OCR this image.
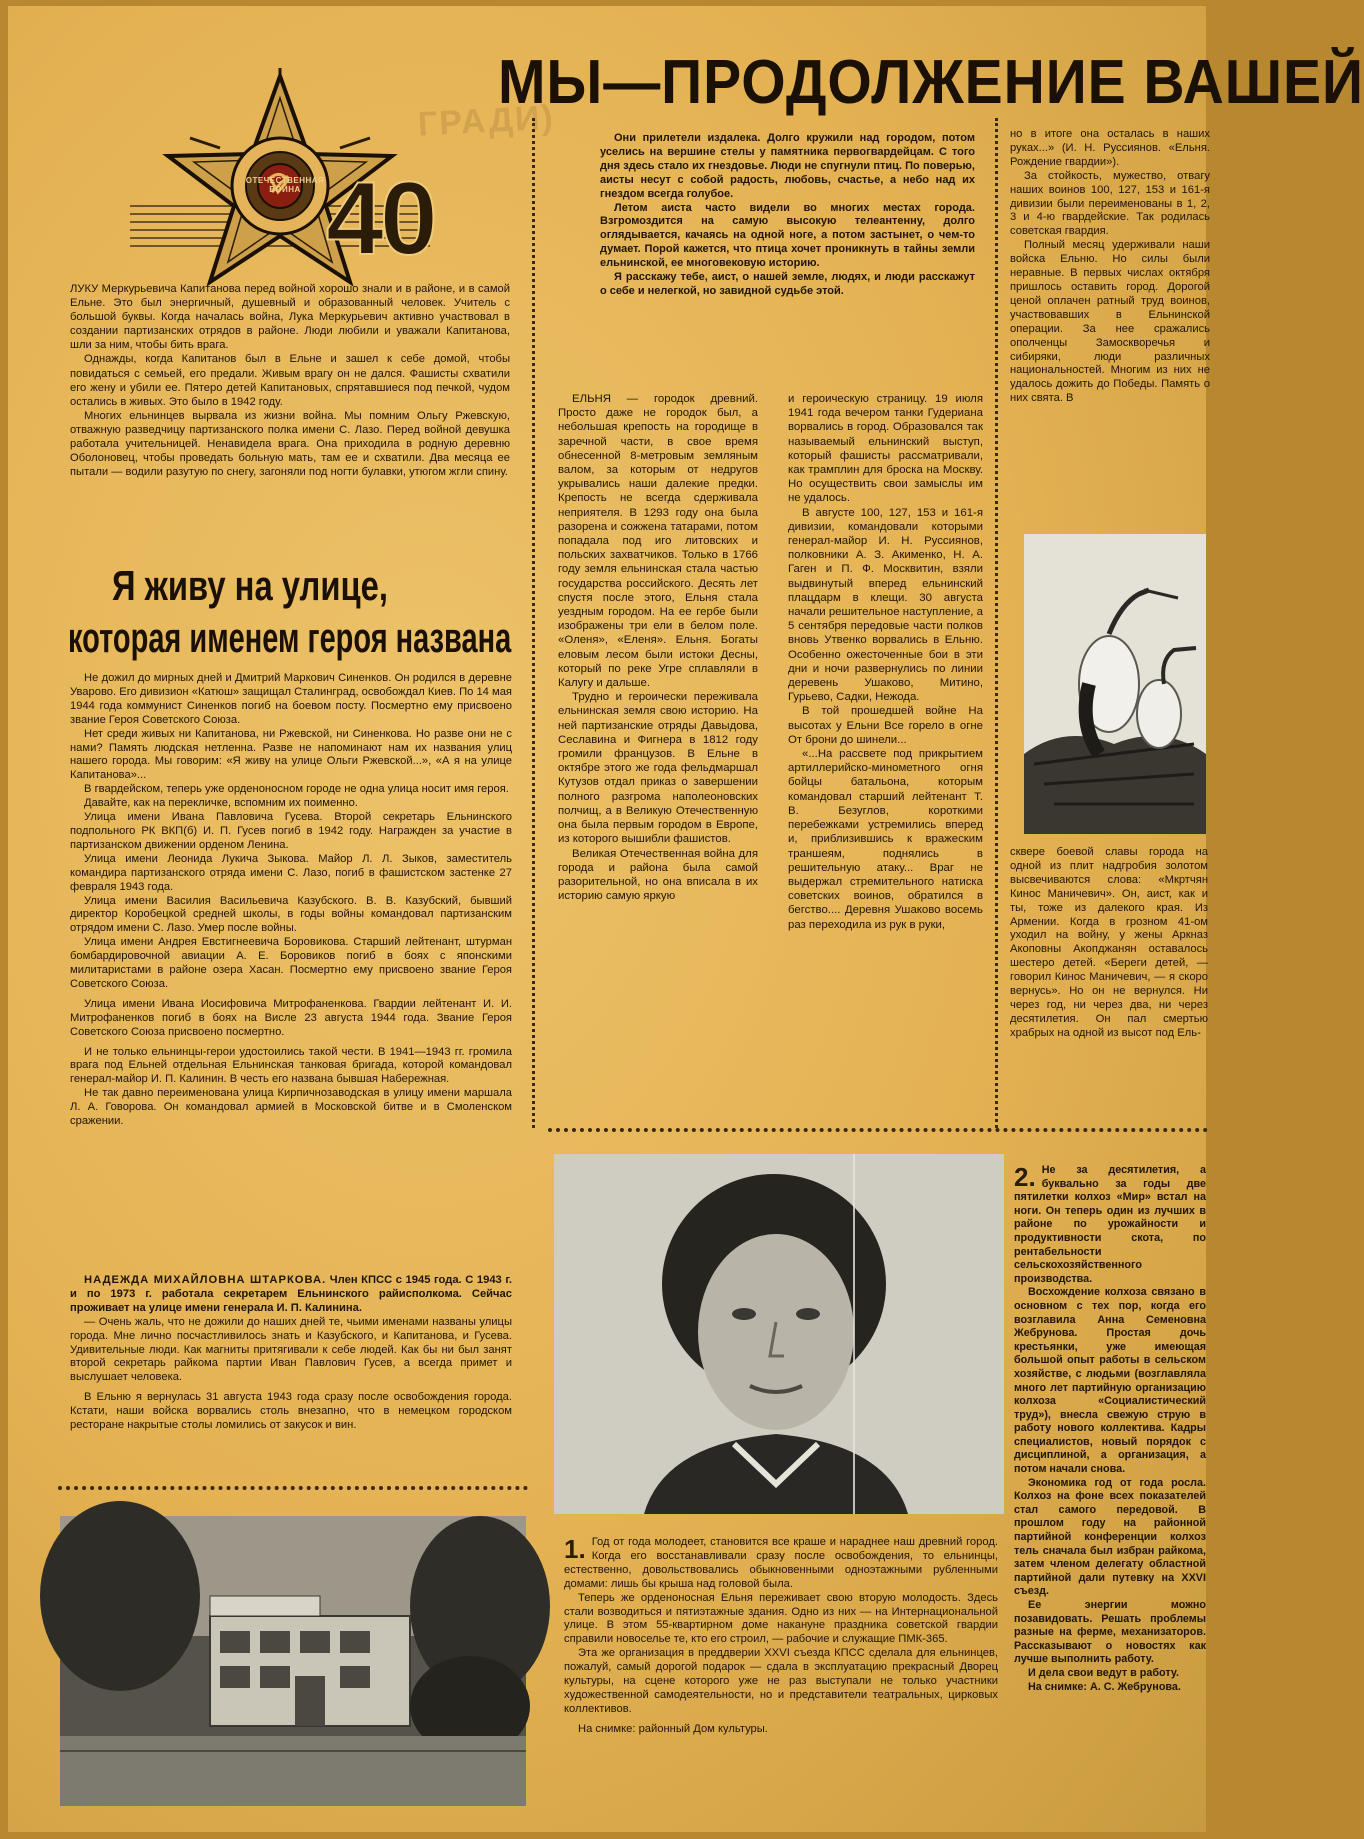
ГРАДИ)
МЫ—ПРОДОЛЖЕНИЕ ВАШЕЙ
ОТЕЧЕСТВЕННАЯ ВОЙНА 40

ЛУКУ Меркурьевича Капитанова перед войной хорошо знали и в районе, и в самой Ельне. Это был энергичный, душевный и образованный человек. Учитель с большой буквы. Когда началась война, Лука Меркурьевич активно участвовал в создании партизанских отрядов в районе. Люди любили и уважали Капитанова, шли за ним, чтобы бить врага.

Однажды, когда Капитанов был в Ельне и зашел к себе домой, чтобы повидаться с семьей, его предали. Живым врагу он не дался. Фашисты схватили его жену и убили ее. Пятеро детей Капитановых, спрятавшиеся под печкой, чудом остались в живых. Это было в 1942 году.

Многих ельнинцев вырвала из жизни война. Мы помним Ольгу Ржевскую, отважную разведчицу партизанского полка имени С. Лазо. Перед войной девушка работала учительницей. Ненавидела врага. Она приходила в родную деревню Оболоновец, чтобы проведать больную мать, там ее и схватили. Два месяца ее пытали — водили разутую по снегу, загоняли под ногти булавки, утюгом жгли спину.

Я живу на улице,
которая именем героя названа

Не дожил до мирных дней и Дмитрий Маркович Синенков. Он родился в деревне Уварово. Его дивизион «Катюш» защищал Сталинград, освобождал Киев. По 14 мая 1944 года коммунист Синенков погиб на боевом посту. Посмертно ему присвоено звание Героя Советского Союза.

Нет среди живых ни Капитанова, ни Ржевской, ни Синенкова. Но разве они не с нами? Память людская нетленна. Разве не напоминают нам их названия улиц нашего города. Мы говорим: «Я живу на улице Ольги Ржевской...», «А я на улице Капитанова»...

В гвардейском, теперь уже орденоносном городе не одна улица носит имя героя.

Давайте, как на перекличке, вспомним их поименно.

Улица имени Ивана Павловича Гусева. Второй секретарь Ельнинского подпольного РК ВКП(б) И. П. Гусев погиб в 1942 году. Награжден за участие в партизанском движении орденом Ленина.

Улица имени Леонида Лукича Зыкова. Майор Л. Л. Зыков, заместитель командира партизанского отряда имени С. Лазо, погиб в фашистском застенке 27 февраля 1943 года.

Улица имени Василия Васильевича Казубского. В. В. Казубский, бывший директор Коробецкой средней школы, в годы войны командовал партизанским отрядом имени С. Лазо. Умер после войны.

Улица имени Андрея Евстигнеевича Боровикова. Старший лейтенант, штурман бомбардировочной авиации А. Е. Боровиков погиб в боях с японскими милитаристами в районе озера Хасан. Посмертно ему присвоено звание Героя Советского Союза.

Улица имени Ивана Иосифовича Митрофаненкова. Гвардии лейтенант И. И. Митрофаненков погиб в боях на Висле 23 августа 1944 года. Звание Героя Советского Союза присвоено посмертно.

И не только ельнинцы-герои удостоились такой чести. В 1941—1943 гг. громила врага под Ельней отдельная Ельнинская танковая бригада, которой командовал генерал-майор И. П. Калинин. В честь его названа бывшая Набережная.

Не так давно переименована улица Кирпичнозаводская в улицу имени маршала Л. А. Говорова. Он командовал армией в Московской битве и в Смоленском сражении.

НАДЕЖДА МИХАЙЛОВНА ШТАРКОВА. Член КПСС с 1945 года. С 1943 г. и по 1973 г. работала секретарем Ельнинского райисполкома. Сейчас проживает на улице имени генерала И. П. Калинина.

— Очень жаль, что не дожили до наших дней те, чьими именами названы улицы города. Мне лично посчастливилось знать и Казубского, и Капитанова, и Гусева. Удивительные люди. Как магниты притягивали к себе людей. Как бы ни был занят второй секретарь райкома партии Иван Павлович Гусев, а всегда примет и выслушает человека.

В Ельню я вернулась 31 августа 1943 года сразу после освобождения города. Кстати, наши войска ворвались столь внезапно, что в немецком городском ресторане накрытые столы ломились от закусок и вин.

Они прилетели издалека. Долго кружили над городом, потом уселись на вершине стелы у памятника первогвардейцам. С того дня здесь стало их гнездовье. Люди не спугнули птиц. По поверью, аисты несут с собой радость, любовь, счастье, а небо над их гнездом всегда голубое.

Летом аиста часто видели во многих местах города. Взгромоздится на самую высокую телеантенну, долго оглядывается, качаясь на одной ноге, а потом застынет, о чем-то думает. Порой кажется, что птица хочет проникнуть в тайны земли ельнинской, ее многовековую историю.

Я расскажу тебе, аист, о нашей земле, людях, и люди расскажут о себе и нелегкой, но завидной судьбе этой.

ЕЛЬНЯ — городок древний. Просто даже не городок был, а небольшая крепость на городище в заречной части, в свое время обнесенной 8-метровым земляным валом, за которым от недругов укрывались наши далекие предки. Крепость не всегда сдерживала неприятеля. В 1293 году она была разорена и сожжена татарами, потом попадала под иго литовских и польских захватчиков. Только в 1766 году земля ельнинская стала частью государства российского. Десять лет спустя после этого, Ельня стала уездным городом. На ее гербе были изображены три ели в белом поле. «Оленя», «Еленя». Ельня. Богаты еловым лесом были истоки Десны, который по реке Угре сплавляли в Калугу и дальше.

Трудно и героически переживала ельнинская земля свою историю. На ней партизанские отряды Давыдова, Сеславина и Фигнера в 1812 году громили французов. В Ельне в октябре этого же года фельдмаршал Кутузов отдал приказ о завершении полного разгрома наполеоновских полчищ, а в Великую Отечественную она была первым городом в Европе, из которого вышибли фашистов.

Великая Отечественная война для города и района была самой разорительной, но она вписала в их историю самую яркую

и героическую страницу. 19 июля 1941 года вечером танки Гудериана ворвались в город. Образовался так называемый ельнинский выступ, который фашисты рассматривали, как трамплин для броска на Москву. Но осуществить свои замыслы им не удалось.

В августе 100, 127, 153 и 161-я дивизии, командовали которыми генерал-майор И. Н. Руссиянов, полковники А. З. Акименко, Н. А. Гаген и П. Ф. Москвитин, взяли выдвинутый вперед ельнинский плацдарм в клещи. 30 августа начали решительное наступление, а 5 сентября передовые части полков вновь Утвенко ворвались в Ельню. Особенно ожесточенные бои в эти дни и ночи развернулись по линии деревень Ушаково, Митино, Гурьево, Садки, Нежода.

В той прошедшей войне На высотах у Ельни Все горело в огне От брони до шинели...

«...На рассвете под прикрытием артиллерийско-минометного огня бойцы батальона, которым командовал старший лейтенант Т. В. Безуглов, короткими перебежками устремились вперед и, приблизившись к вражеским траншеям, поднялись в решительную атаку... Враг не выдержал стремительного натиска советских воинов, обратился в бегство.... Деревня Ушаково восемь раз переходила из рук в руки,

но в итоге она осталась в наших руках...» (И. Н. Руссиянов. «Ельня. Рождение гвардии»).

За стойкость, мужество, отвагу наших воинов 100, 127, 153 и 161-я дивизии были переименованы в 1, 2, 3 и 4-ю гвардейские. Так родилась советская гвардия.

Полный месяц удерживали наши войска Ельню. Но силы были неравные. В первых числах октября пришлось оставить город. Дорогой ценой оплачен ратный труд воинов, участвовавших в Ельнинской операции. За нее сражались ополченцы Замоскворечья и сибиряки, люди различных национальностей. Многим из них не удалось дожить до Победы. Память о них свята. В

сквере боевой славы города на одной из плит надгробия золотом высвечиваются слова: «Мкртчян Кинос Маничевич». Он, аист, как и ты, тоже из далекого края. Из Армении. Когда в грозном 41-ом уходил на войну, у жены Аркназ Акоповны Акопджанян оставалось шестеро детей. «Береги детей, — говорил Кинос Маничевич, — я скоро вернусь». Но он не вернулся. Ни через год, ни через два, ни через десятилетия. Он пал смертью храбрых на одной из высот под Ель-

1. Год от года молодеет, становится все краше и нараднее наш древний город. Когда его восстанавливали сразу после освобождения, то ельнинцы, естественно, довольствовались обыкновенными одноэтажными рубленными домами: лишь бы крыша над головой была.

Теперь же орденоносная Ельня переживает свою вторую молодость. Здесь стали возводиться и пятиэтажные здания. Одно из них — на Интернациональной улице. В этом 55-квартирном доме накануне праздника советской гвардии справили новоселье те, кто его строил, — рабочие и служащие ПМК-365.

Эта же организация в преддверии XXVI съезда КПСС сделала для ельнинцев, пожалуй, самый дорогой подарок — сдала в эксплуатацию прекрасный Дворец культуры, на сцене которого уже не раз выступали не только участники художественной самодеятельности, но и представители театральных, цирковых коллективов.

На снимке: районный Дом культуры.

2. Не за десятилетия, а буквально за годы две пятилетки колхоз «Мир» встал на ноги. Он теперь один из лучших в районе по урожайности и продуктивности скота, по рентабельности сельскохозяйственного производства.

Восхождение колхоза связано в основном с тех пор, когда его возглавила Анна Семеновна Жебрунова. Простая дочь крестьянки, уже имеющая большой опыт работы в сельском хозяйстве, с людьми (возглавляла много лет партийную организацию колхоза «Социалистический труд»), внесла свежую струю в работу нового коллектива. Кадры специалистов, новый порядок с дисциплиной, а организация, а потом начали снова.

Экономика год от года росла. Колхоз на фоне всех показателей стал самого передовой. В прошлом году на районной партийной конференции колхоз тель сначала был избран райкома, затем членом делегату областной партийной дали путевку на XXVI съезд.

Ее энергии можно позавидовать. Решать проблемы разные на ферме, механизаторов. Рассказывают о новостях как лучше выполнить работу.

И дела свои ведут в работу.

На снимке: А. С. Жебрунова.
